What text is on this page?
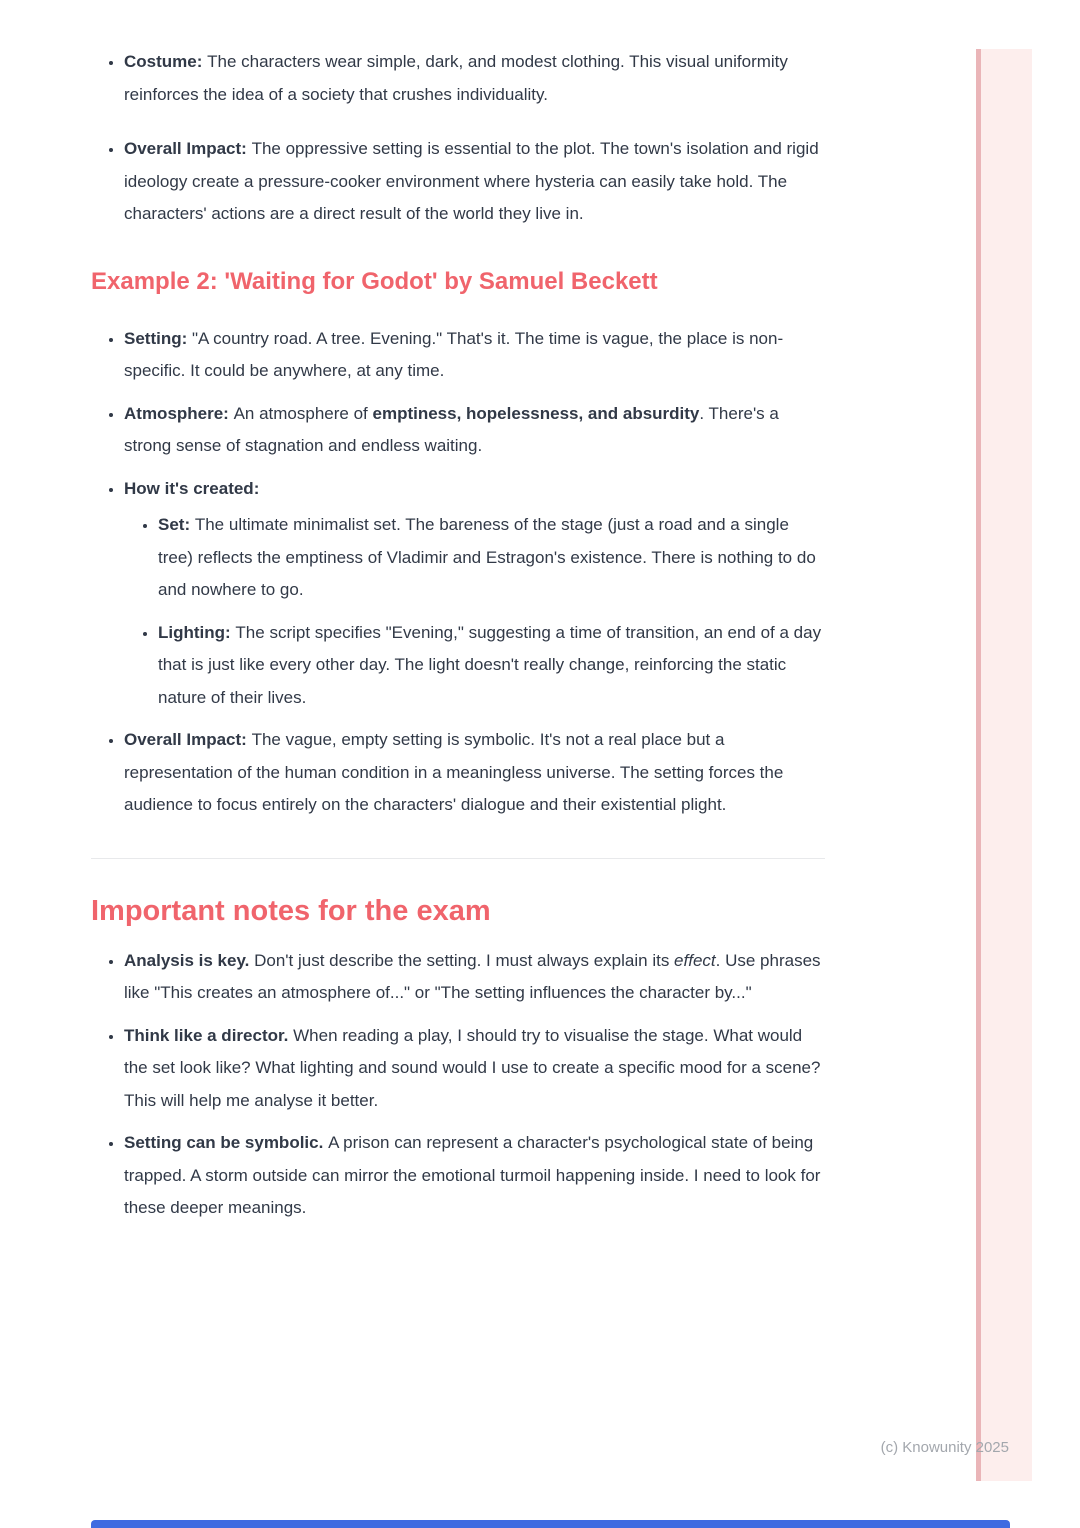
• Costume: The characters wear simple, dark, and modest clothing. This visual uniformity reinforces the idea of a society that crushes individuality.
• Overall Impact: The oppressive setting is essential to the plot. The town's isolation and rigid ideology create a pressure-cooker environment where hysteria can easily take hold. The characters' actions are a direct result of the world they live in.
Example 2: 'Waiting for Godot' by Samuel Beckett
• Setting: "A country road. A tree. Evening." That's it. The time is vague, the place is non-specific. It could be anywhere, at any time.
• Atmosphere: An atmosphere of emptiness, hopelessness, and absurdity. There's a strong sense of stagnation and endless waiting.
• How it's created:
• Set: The ultimate minimalist set. The bareness of the stage (just a road and a single tree) reflects the emptiness of Vladimir and Estragon's existence. There is nothing to do and nowhere to go.
• Lighting: The script specifies "Evening," suggesting a time of transition, an end of a day that is just like every other day. The light doesn't really change, reinforcing the static nature of their lives.
• Overall Impact: The vague, empty setting is symbolic. It's not a real place but a representation of the human condition in a meaningless universe. The setting forces the audience to focus entirely on the characters' dialogue and their existential plight.
Important notes for the exam
• Analysis is key. Don't just describe the setting. I must always explain its effect. Use phrases like "This creates an atmosphere of..." or "The setting influences the character by..."
• Think like a director. When reading a play, I should try to visualise the stage. What would the set look like? What lighting and sound would I use to create a specific mood for a scene? This will help me analyse it better.
• Setting can be symbolic. A prison can represent a character's psychological state of being trapped. A storm outside can mirror the emotional turmoil happening inside. I need to look for these deeper meanings.
(c) Knowunity 2025
